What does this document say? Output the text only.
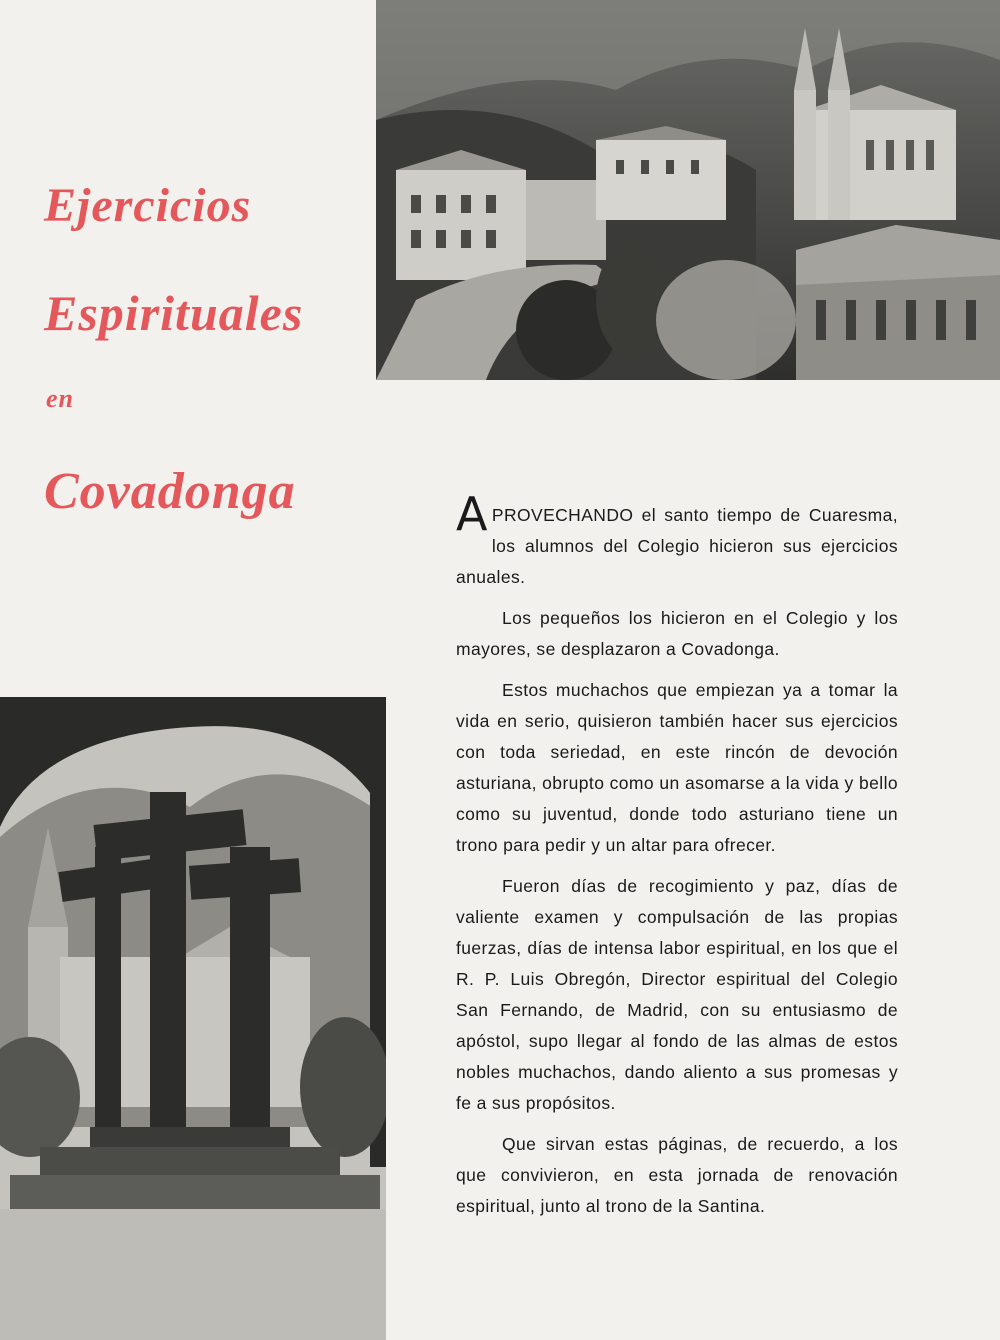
Ejercicios
Espirituales
en
Covadonga	APROVECHANDO el santo tiempo de Cuaresma, los alumnos del Colegio hicieron sus ejercicios anuales.

Los pequeños los hicieron en el Colegio y los mayores, se desplazaron a Covadonga.

Estos muchachos que empiezan ya a tomar la vida en serio, quisieron también hacer sus ejercicios con toda seriedad, en este rincón de devoción asturiana, obrupto como un asomarse a la vida y bello como su juventud, donde todo asturiano tiene un trono para pedir y un altar para ofrecer.

Fueron días de recogimiento y paz, días de valiente examen y compulsación de las propias fuerzas, días de intensa labor espiritual, en los que el R. P. Luis Obregón, Director espiritual del Colegio San Fernando, de Madrid, con su entusiasmo de apóstol, supo llegar al fondo de las almas de estos nobles muchachos, dando aliento a sus promesas y fe a sus propósitos.

Que sirvan estas páginas, de recuerdo, a los que convivieron, en esta jornada de renovación espiritual, junto al trono de la Santina.
